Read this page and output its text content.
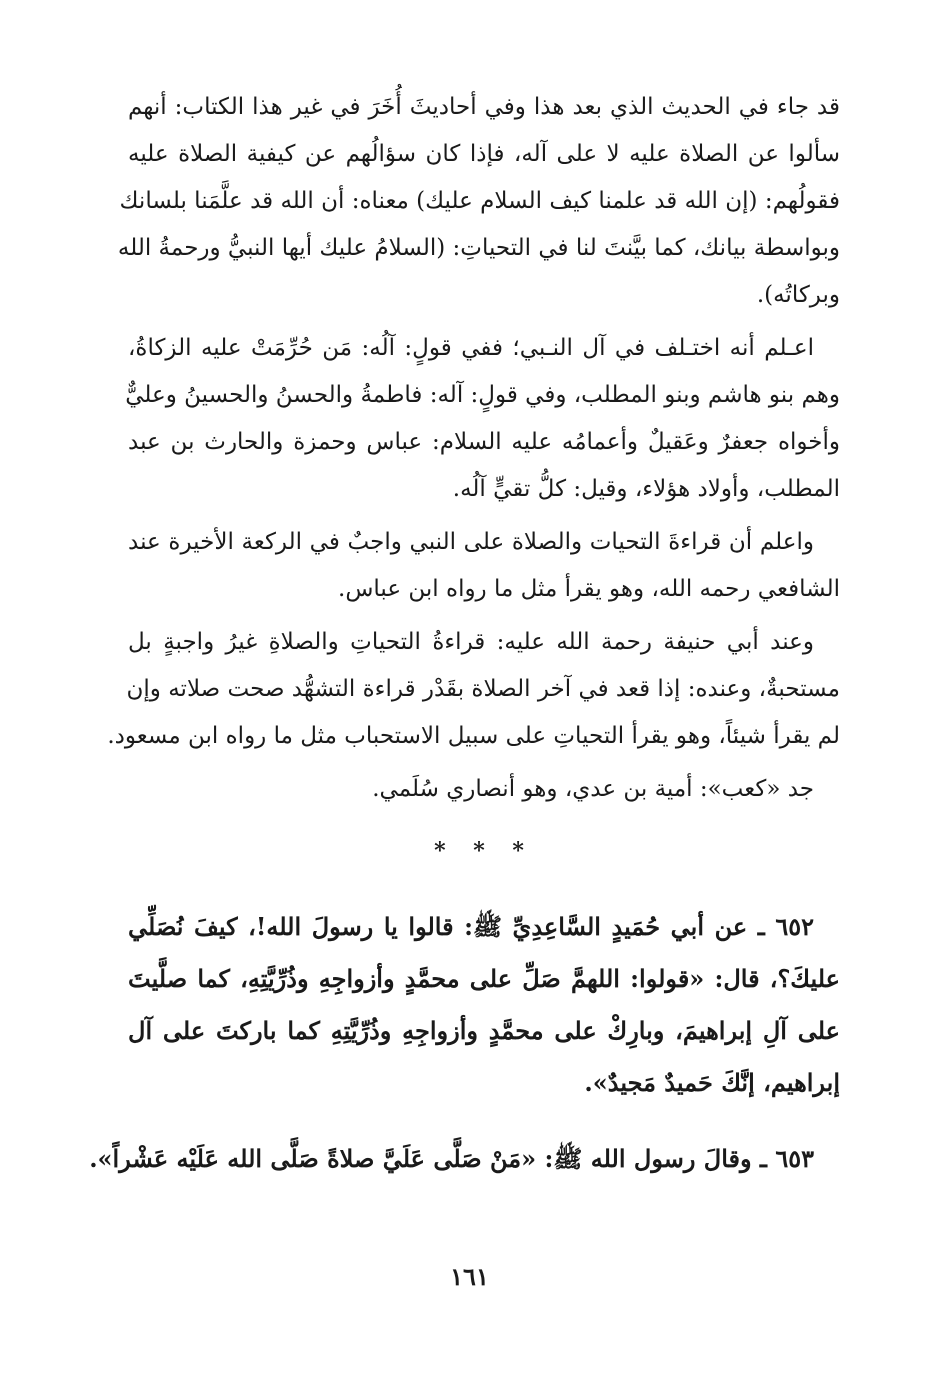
قد جاء في الحديث الذي بعد هذا وفي أحاديثَ أُخَرَ في غير هذا الكتاب: أنهم
سألوا عن الصلاة عليه لا على آله، فإذا كان سؤالُهم عن كيفية الصلاة عليه
فقولُهم: (إن الله قد علمنا كيف السلام عليك) معناه: أن الله قد علَّمَنا بلسانك
وبواسطة بيانك، كما بيَّنتَ لنا في التحياتِ: (السلامُ عليك أيها النبيُّ ورحمةُ الله
وبركاتُه).
اعـلم أنه اختـلف في آل النـبي؛ ففي قولٍ: آلُه: مَن حُرِّمَتْ عليه الزكاةُ،
وهم بنو هاشم وبنو المطلب، وفي قولٍ: آله: فاطمةُ والحسنُ والحسينُ وعليٌّ
وأخواه جعفرٌ وعَقيلٌ وأعمامُه عليه السلام: عباس وحمزة والحارث بن عبد
المطلب، وأولاد هؤلاء، وقيل: كلُّ تقيٍّ آلُه.
واعلم أن قراءةَ التحيات والصلاة على النبي واجبٌ في الركعة الأخيرة عند
الشافعي رحمه الله، وهو يقرأ مثل ما رواه ابن عباس.
وعند أبي حنيفة رحمة الله عليه: قراءةُ التحياتِ والصلاةِ غيرُ واجبةٍ بل
مستحبةٌ، وعنده: إذا قعد في آخر الصلاة بقَدْر قراءة التشهُّد صحت صلاته وإن
لم يقرأ شيئاً، وهو يقرأ التحياتِ على سبيل الاستحباب مثل ما رواه ابن مسعود.
جد «كعب»: أمية بن عدي، وهو أنصاري سُلَمي.
* * *
٦٥٢ ـ عن أبي حُمَيدٍ السَّاعِدِيِّ ﷺ: قالوا يا رسولَ الله!، كيفَ نُصَلِّي
عليكَ؟، قال: «قولوا: اللهمَّ صَلِّ على محمَّدٍ وأزواجِهِ وذُرِّيَّتِهِ، كما صلَّيتَ
على آلِ إبراهيمَ، وبارِكْ على محمَّدٍ وأزواجِهِ وذُرِّيَّتِهِ كما باركتَ على آل
إبراهيم، إنَّكَ حَميدٌ مَجيدٌ».
٦٥٣ ـ وقالَ رسول الله ﷺ: «مَنْ صَلَّى عَلَيَّ صلاةً صَلَّى الله عَلَيْه عَشْراً».
١٦١
